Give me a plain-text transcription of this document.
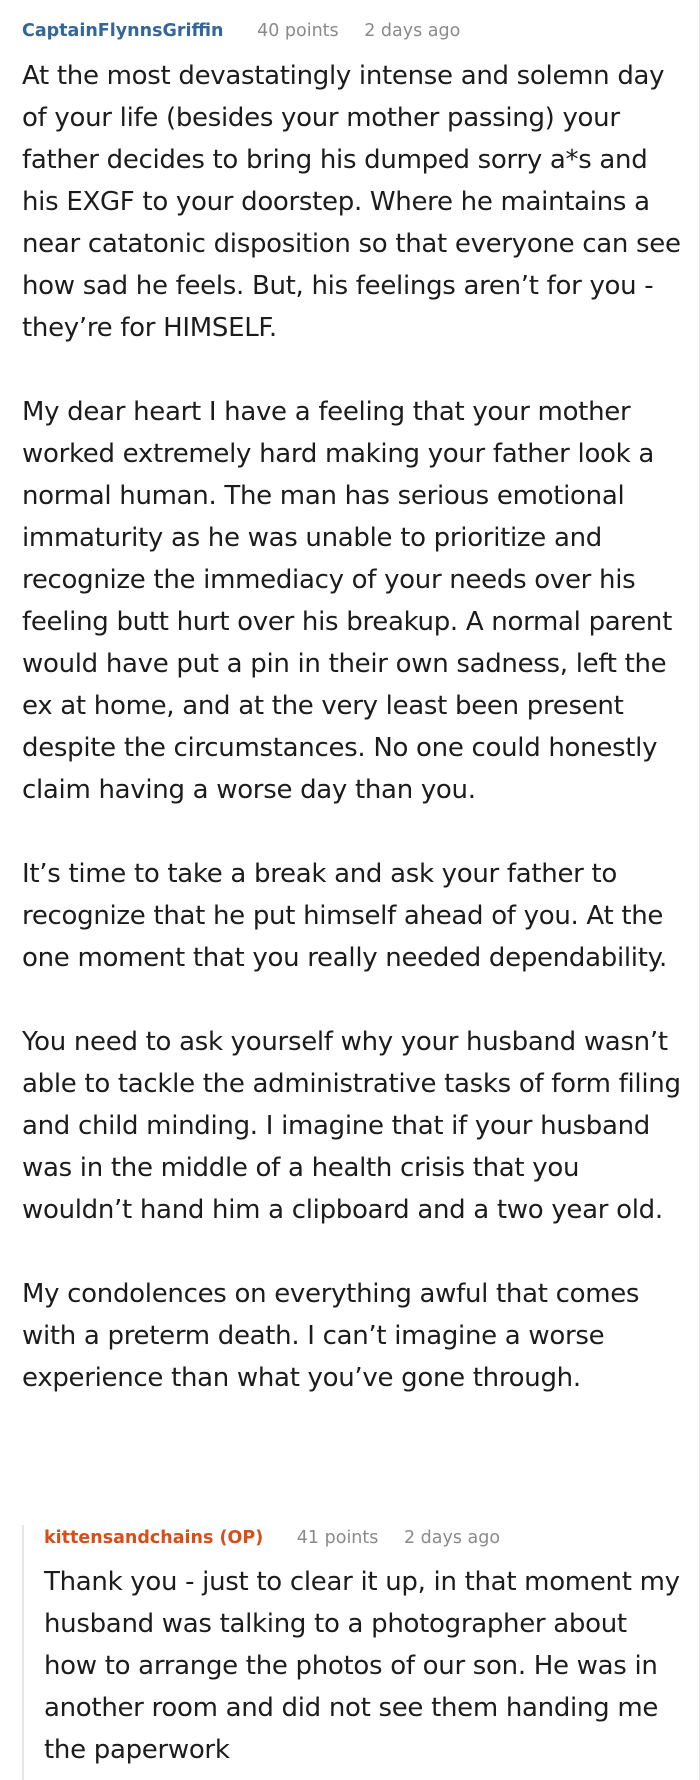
CaptainFlynnsGriffin 40 points 2 days ago

At the most devastatingly intense and solemn day of your life (besides your mother passing) your father decides to bring his dumped sorry a*s and his EXGF to your doorstep. Where he maintains a near catatonic disposition so that everyone can see how sad he feels. But, his feelings aren’t for you - they’re for HIMSELF.

My dear heart I have a feeling that your mother worked extremely hard making your father look a normal human. The man has serious emotional immaturity as he was unable to prioritize and recognize the immediacy of your needs over his feeling butt hurt over his breakup. A normal parent would have put a pin in their own sadness, left the ex at home, and at the very least been present despite the circumstances. No one could honestly claim having a worse day than you.

It’s time to take a break and ask your father to recognize that he put himself ahead of you. At the one moment that you really needed dependability.

You need to ask yourself why your husband wasn’t able to tackle the administrative tasks of form filing and child minding. I imagine that if your husband was in the middle of a health crisis that you wouldn’t hand him a clipboard and a two year old.

My condolences on everything awful that comes with a preterm death. I can’t imagine a worse experience than what you’ve gone through.

kittensandchains (OP) 41 points 2 days ago

Thank you - just to clear it up, in that moment my husband was talking to a photographer about how to arrange the photos of our son. He was in another room and did not see them handing me the paperwork
